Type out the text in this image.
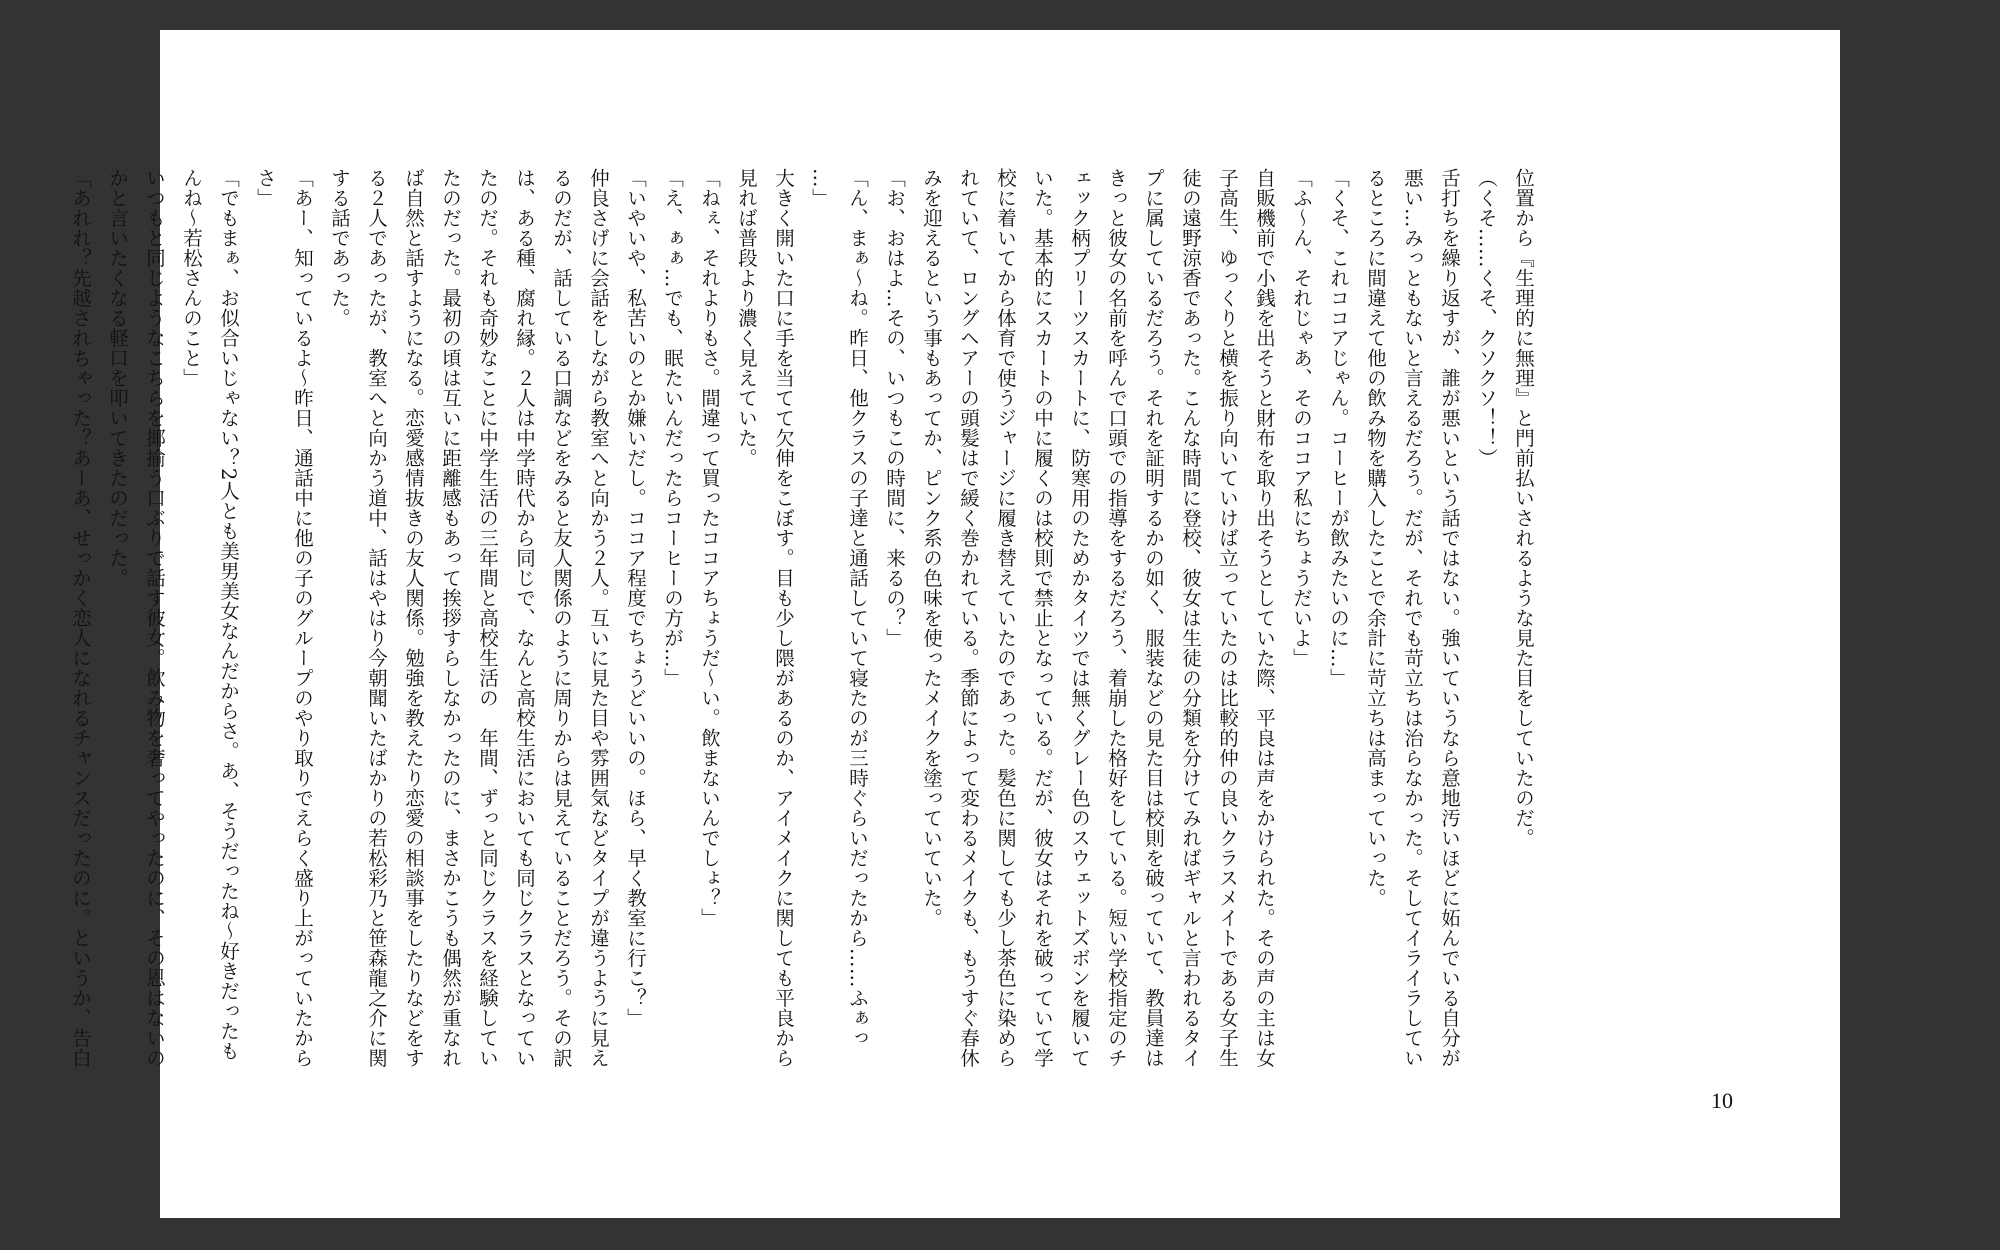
位置から『生理的に無理』と門前払いされるような見た目をしていたのだ。
（くそ……くそ、クソクソ！！）
舌打ちを繰り返すが、誰が悪いという話ではない。強いていうなら意地汚いほどに妬んでいる自分が
悪い…みっともないと言えるだろう。だが、それでも苛立ちは治らなかった。そしてイライラしてい
るところに間違えて他の飲み物を購入したことで余計に苛立ちは高まっていった。
「くそ、これココアじゃん。コーヒーが飲みたいのに…」
「ふ〜ん、それじゃあ、そのココア私にちょうだいよ」
自販機前で小銭を出そうと財布を取り出そうとしていた際、平良は声をかけられた。その声の主は女
子高生、ゆっくりと横を振り向いていけば立っていたのは比較的仲の良いクラスメイトである女子生
徒の遠野涼香であった。こんな時間に登校、彼女は生徒の分類を分けてみればギャルと言われるタイ
プに属しているだろう。それを証明するかの如く、服装などの見た目は校則を破っていて、教員達は
きっと彼女の名前を呼んで口頭での指導をするだろう、着崩した格好をしている。短い学校指定のチ
ェック柄プリーツスカートに、防寒用のためかタイツでは無くグレー色のスウェットズボンを履いて
いた。基本的にスカートの中に履くのは校則で禁止となっている。だが、彼女はそれを破っていて学
校に着いてから体育で使うジャージに履き替えていたのであった。髪色に関しても少し茶色に染めら
れていて、ロングヘアーの頭髪はで緩く巻かれている。季節によって変わるメイクも、もうすぐ春休
みを迎えるという事もあってか、ピンク系の色味を使ったメイクを塗っていていた。
「お、おはよ…その、いつもこの時間に、来るの？」
「ん、まぁ〜ね。昨日、他クラスの子達と通話していて寝たのが三時ぐらいだったから……ふぁっ
…」
大きく開いた口に手を当てて欠伸をこぼす。目も少し隈があるのか、アイメイクに関しても平良から
見れば普段より濃く見えていた。
「ねぇ、それよりもさ。間違って買ったココアちょうだ〜い。飲まないんでしょ？」
「え、ぁぁ…でも、眠たいんだったらコーヒーの方が…」
「いやいや、私苦いのとか嫌いだし。ココア程度でちょうどいいの。ほら、早く教室に行こ？」
仲良さげに会話をしながら教室へと向かう２人。互いに見た目や雰囲気などタイプが違うように見え
るのだが、話している口調などをみると友人関係のように周りからは見えていることだろう。その訳
は、ある種、腐れ縁。２人は中学時代から同じで、なんと高校生活においても同じクラスとなってい
たのだ。それも奇妙なことに中学生活の三年間と高校生活の　年間、ずっと同じクラスを経験してい
たのだった。最初の頃は互いに距離感もあって挨拶すらしなかったのに、まさかこうも偶然が重なれ
ば自然と話すようになる。恋愛感情抜きの友人関係。勉強を教えたり恋愛の相談事をしたりなどをす
る２人であったが、教室へと向かう道中、話はやはり今朝聞いたばかりの若松彩乃と笹森龍之介に関
する話であった。
「あー、知っているよ〜昨日、通話中に他の子のグループのやり取りでえらく盛り上がっていたから
さ」
「でもまぁ、お似合いじゃない？2人とも美男美女なんだからさ。あ、そうだったね〜好きだったも
んね〜若松さんのこと」
いつもと同じようなこちらを揶揄う口ぶりで話す彼女。飲み物を奢ってやったのに、その恩はないの
かと言いたくなる軽口を叩いてきたのだった。
「あれれ？先越されちゃった？あーあ、せっかく恋人になれるチャンスだったのに。というか、告白
10
